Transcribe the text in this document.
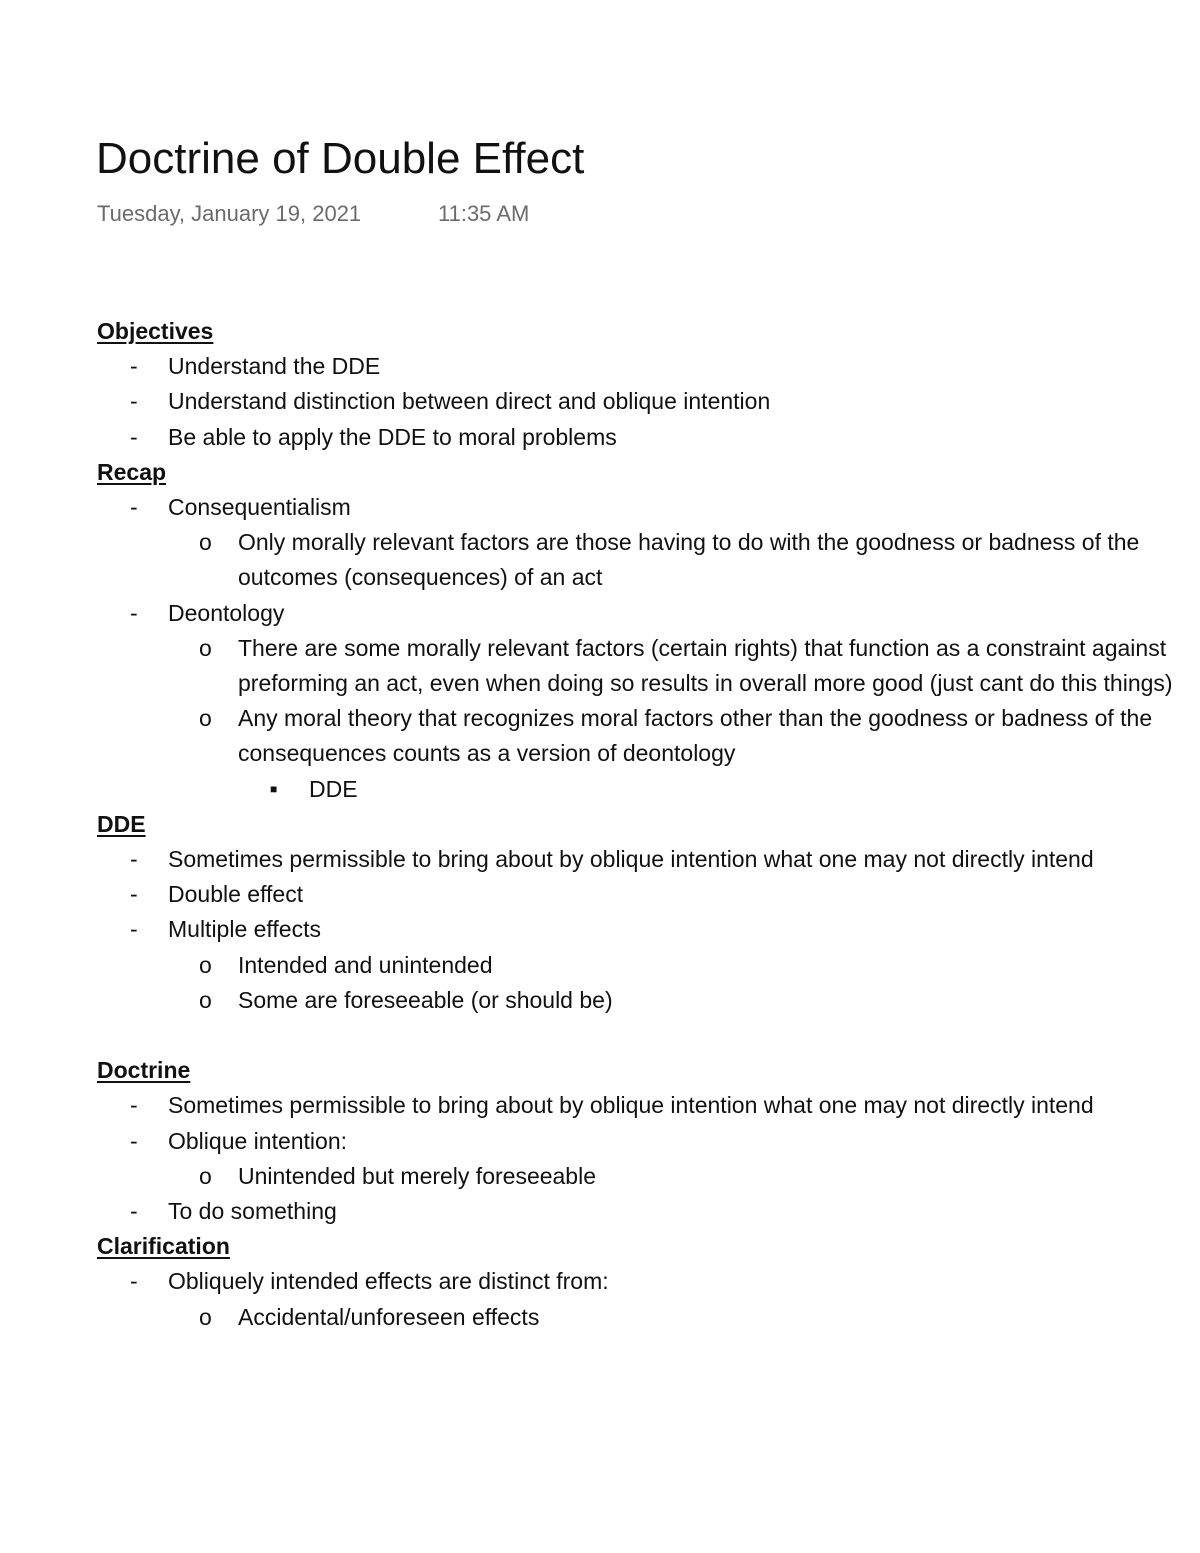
Doctrine of Double Effect
Tuesday, January 19, 2021	11:35 AM
Objectives
- Understand the DDE
- Understand distinction between direct and oblique intention
- Be able to apply the DDE to moral problems
Recap
- Consequentialism
o Only morally relevant factors are those having to do with the goodness or badness of the outcomes (consequences) of an act
- Deontology
o There are some morally relevant factors (certain rights) that function as a constraint against preforming an act, even when doing so results in overall more good (just cant do this things)
o Any moral theory that recognizes moral factors other than the goodness or badness of the consequences counts as a version of deontology
■ DDE
DDE
- Sometimes permissible to bring about by oblique intention what one may not directly intend
- Double effect
- Multiple effects
o Intended and unintended
o Some are foreseeable (or should be)
Doctrine
- Sometimes permissible to bring about by oblique intention what one may not directly intend
- Oblique intention:
o Unintended but merely foreseeable
- To do something
Clarification
- Obliquely intended effects are distinct from:
o Accidental/unforeseen effects
